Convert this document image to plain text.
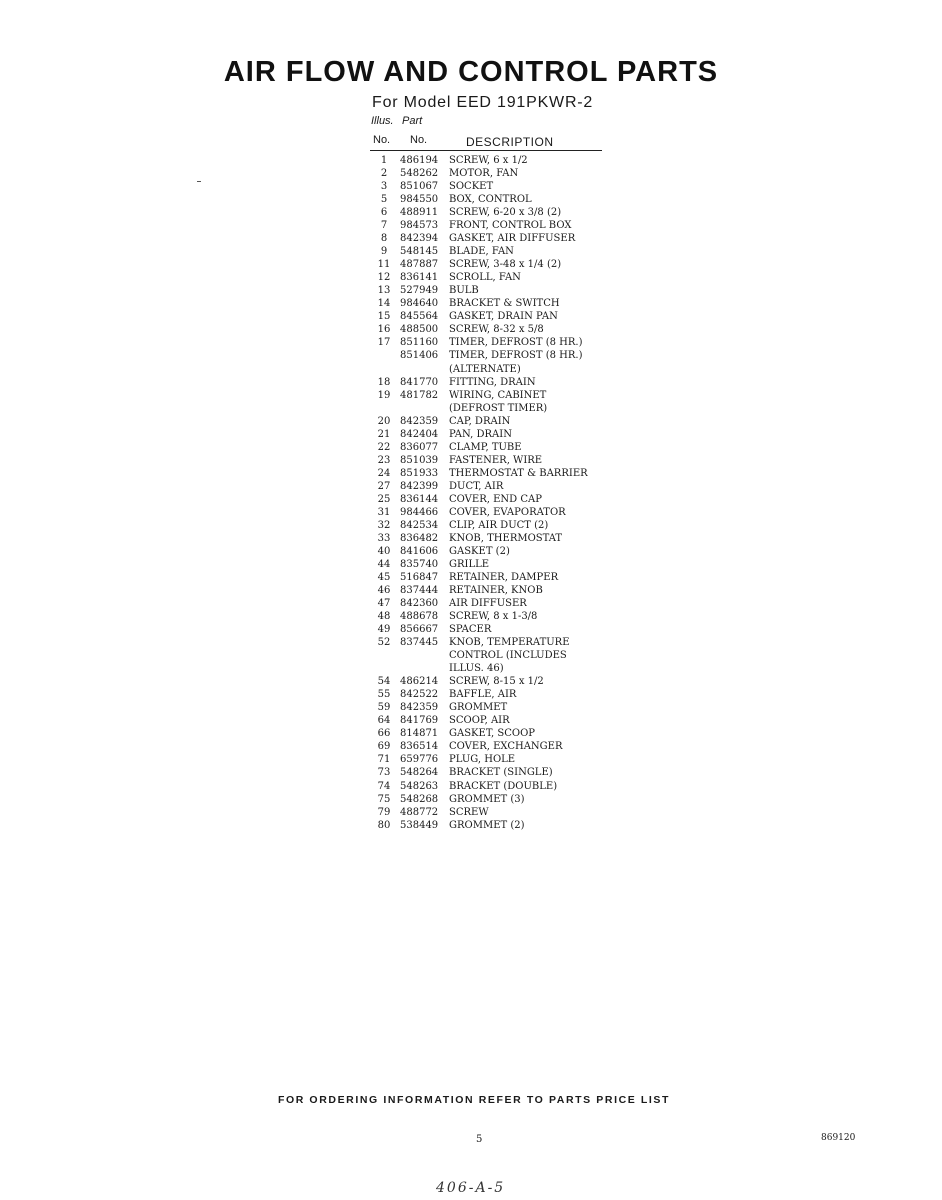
AIR FLOW AND CONTROL PARTS
For Model EED 191PKWR-2
Illus. Part
No. No.	DESCRIPTION
1	486194	SCREW, 6 x 1/2
2	548262	MOTOR, FAN
3	851067	SOCKET
5	984550	BOX, CONTROL
6	488911	SCREW, 6-20 x 3/8 (2)
7	984573	FRONT, CONTROL BOX
8	842394	GASKET, AIR DIFFUSER
9	548145	BLADE, FAN
11 487887	SCREW, 3-48 x 1/4 (2)
12 836141	SCROLL, FAN
13 527949	BULB
14 984640	BRACKET & SWITCH
15 845564	GASKET, DRAIN PAN
16 488500	SCREW, 8-32 x 5/8
17 851160	TIMER, DEFROST (8 HR.)
851406	TIMER, DEFROST (8 HR.)
(ALTERNATE)
18 841770	FITTING, DRAIN
19 481782	WIRING, CABINET
(DEFROST TIMER)
20 842359	CAP, DRAIN
21 842404	PAN, DRAIN
22 836077	CLAMP, TUBE
23 851039	FASTENER, WIRE
24 851933	THERMOSTAT & BARRIER
27 842399	DUCT, AIR
25 836144	COVER, END CAP
31 984466	COVER, EVAPORATOR
32 842534	CLIP, AIR DUCT (2)
33 836482	KNOB, THERMOSTAT
40 841606	GASKET (2)
44 835740	GRILLE
45 516847	RETAINER, DAMPER
46 837444	RETAINER, KNOB
47 842360	AIR DIFFUSER
48 488678	SCREW, 8 x 1-3/8
49 856667	SPACER
52 837445	KNOB, TEMPERATURE
CONTROL (INCLUDES
ILLUS. 46)
54 486214	SCREW, 8-15 x 1/2
55 842522	BAFFLE, AIR
59 842359	GROMMET
64 841769	SCOOP, AIR
66 814871	GASKET, SCOOP
69 836514	COVER, EXCHANGER
71 659776	PLUG, HOLE
73 548264	BRACKET (SINGLE)
74 548263	BRACKET (DOUBLE)
75 548268	GROMMET (3)
79 488772	SCREW
80 538449	GROMMET (2)
FOR ORDERING INFORMATION REFER TO PARTS PRICE LIST
5	869120
406-A-5
